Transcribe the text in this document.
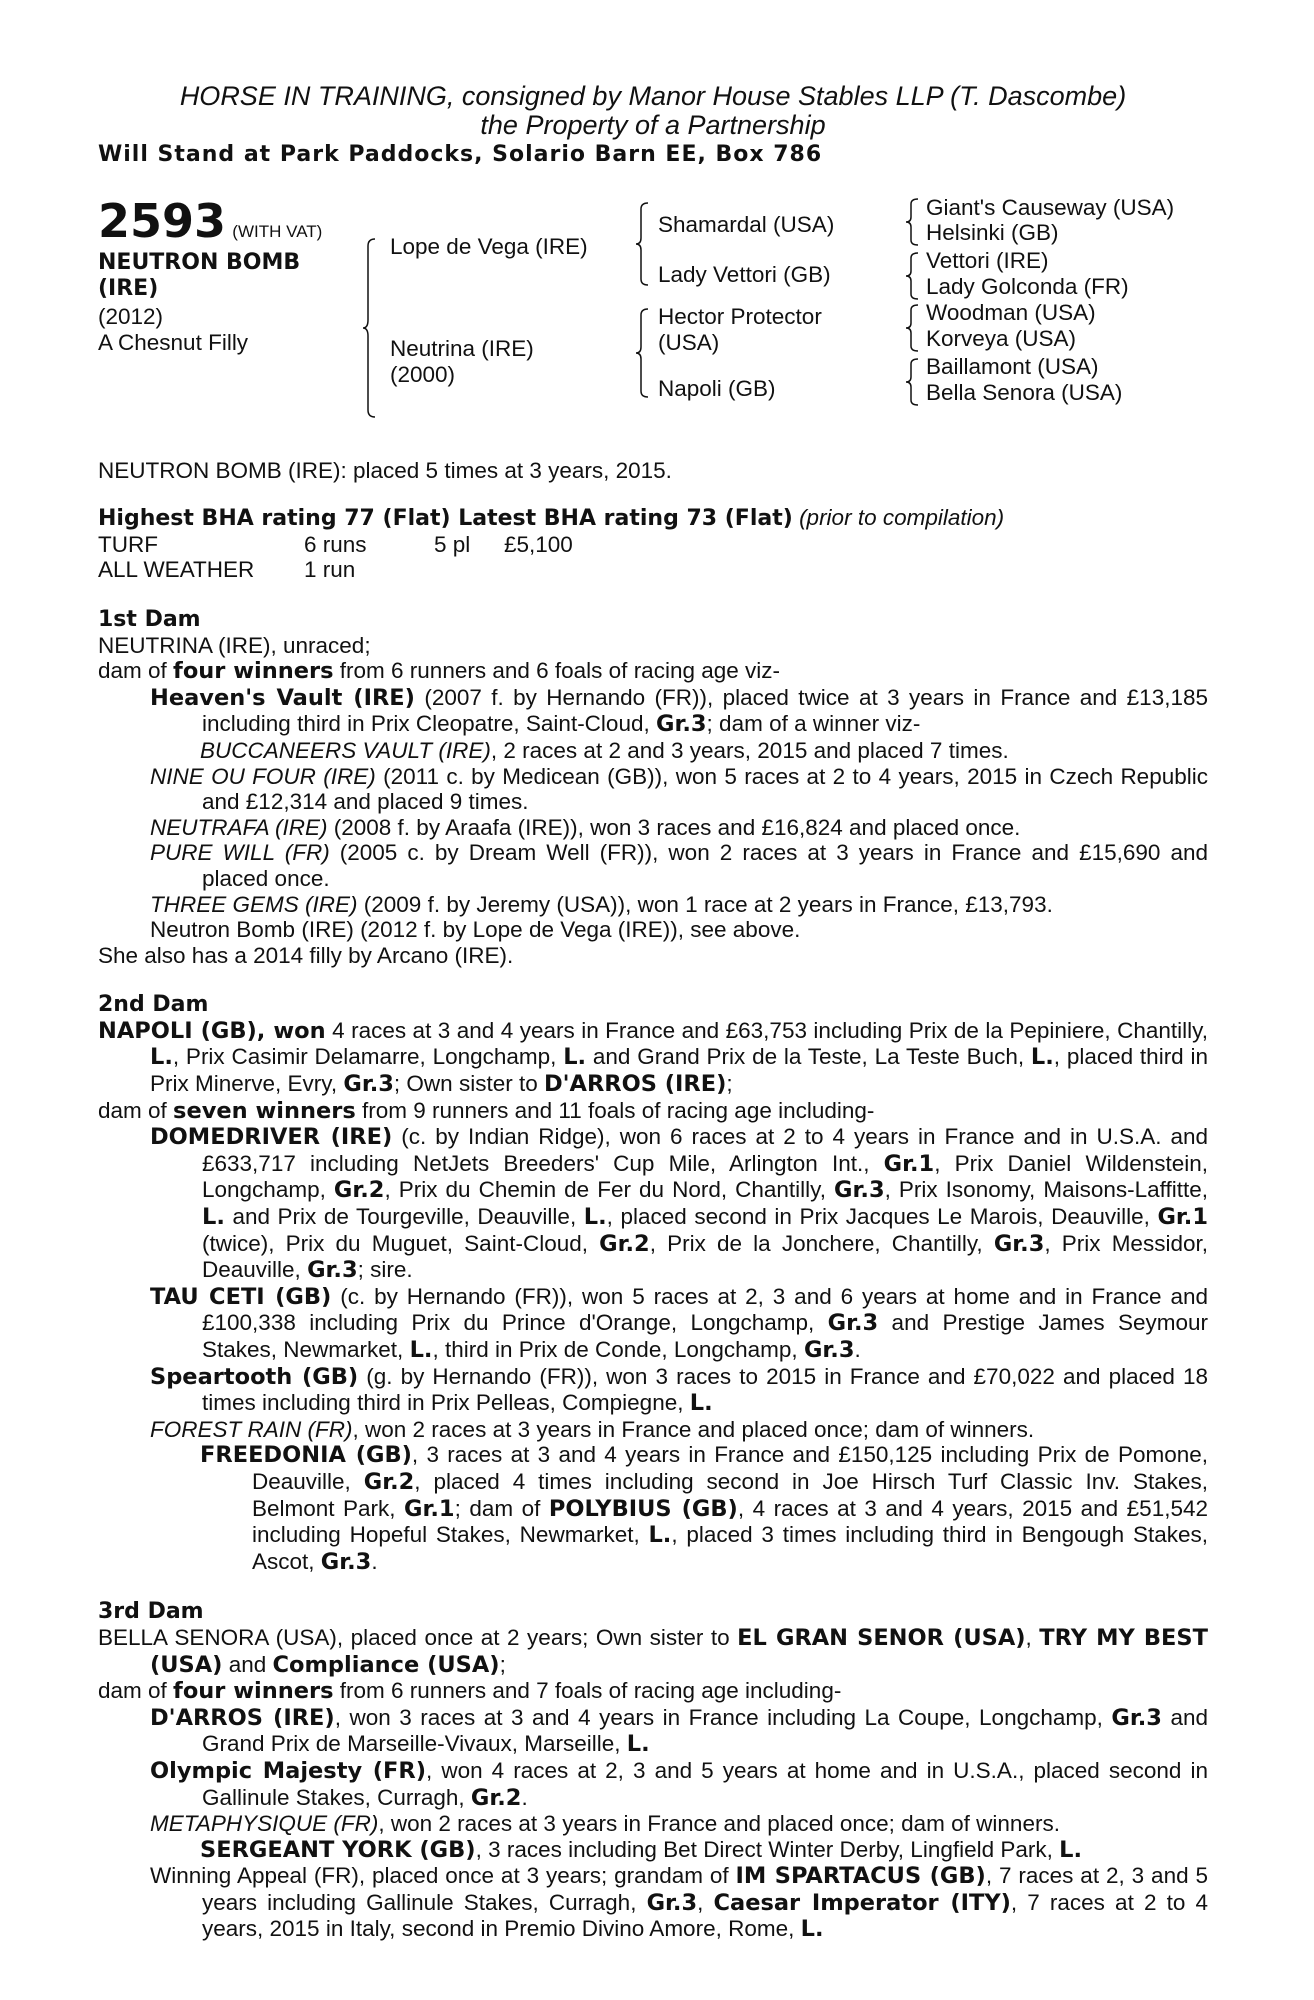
HORSE IN TRAINING, consigned by Manor House Stables LLP (T. Dascombe)
the Property of a Partnership
Will Stand at Park Paddocks, Solario Barn EE, Box 786
2593 (WITH VAT)
NEUTRON BOMB
(IRE)
(2012)
A Chesnut Filly
Lope de Vega (IRE)
Neutrina (IRE)
(2000)
Shamardal (USA)
Lady Vettori (GB)
Hector Protector
(USA)
Napoli (GB)
Giant's Causeway (USA)
Helsinki (GB)
Vettori (IRE)
Lady Golconda (FR)
Woodman (USA)
Korveya (USA)
Baillamont (USA)
Bella Senora (USA)
NEUTRON BOMB (IRE): placed 5 times at 3 years, 2015.
Highest BHA rating 77 (Flat) Latest BHA rating 73 (Flat) (prior to compilation)
TURF	6 runs	5 pl	£5,100
ALL WEATHER	1 run		
1st Dam
NEUTRINA (IRE), unraced;
dam of four winners from 6 runners and 6 foals of racing age viz-
Heaven's Vault (IRE) (2007 f. by Hernando (FR)), placed twice at 3 years in France and £13,185 including third in Prix Cleopatre, Saint-Cloud, Gr.3; dam of a winner viz-
BUCCANEERS VAULT (IRE), 2 races at 2 and 3 years, 2015 and placed 7 times.
NINE OU FOUR (IRE) (2011 c. by Medicean (GB)), won 5 races at 2 to 4 years, 2015 in Czech Republic and £12,314 and placed 9 times.
NEUTRAFA (IRE) (2008 f. by Araafa (IRE)), won 3 races and £16,824 and placed once.
PURE WILL (FR) (2005 c. by Dream Well (FR)), won 2 races at 3 years in France and £15,690 and placed once.
THREE GEMS (IRE) (2009 f. by Jeremy (USA)), won 1 race at 2 years in France, £13,793.
Neutron Bomb (IRE) (2012 f. by Lope de Vega (IRE)), see above.
She also has a 2014 filly by Arcano (IRE).
2nd Dam
NAPOLI (GB), won 4 races at 3 and 4 years in France and £63,753 including Prix de la Pepiniere, Chantilly, L., Prix Casimir Delamarre, Longchamp, L. and Grand Prix de la Teste, La Teste Buch, L., placed third in Prix Minerve, Evry, Gr.3; Own sister to D'ARROS (IRE);
dam of seven winners from 9 runners and 11 foals of racing age including-
DOMEDRIVER (IRE) (c. by Indian Ridge), won 6 races at 2 to 4 years in France and in U.S.A. and £633,717 including NetJets Breeders' Cup Mile, Arlington Int., Gr.1, Prix Daniel Wildenstein, Longchamp, Gr.2, Prix du Chemin de Fer du Nord, Chantilly, Gr.3, Prix Isonomy, Maisons-Laffitte, L. and Prix de Tourgeville, Deauville, L., placed second in Prix Jacques Le Marois, Deauville, Gr.1 (twice), Prix du Muguet, Saint-Cloud, Gr.2, Prix de la Jonchere, Chantilly, Gr.3, Prix Messidor, Deauville, Gr.3; sire.
TAU CETI (GB) (c. by Hernando (FR)), won 5 races at 2, 3 and 6 years at home and in France and £100,338 including Prix du Prince d'Orange, Longchamp, Gr.3 and Prestige James Seymour Stakes, Newmarket, L., third in Prix de Conde, Longchamp, Gr.3.
Speartooth (GB) (g. by Hernando (FR)), won 3 races to 2015 in France and £70,022 and placed 18 times including third in Prix Pelleas, Compiegne, L.
FOREST RAIN (FR), won 2 races at 3 years in France and placed once; dam of winners.
FREEDONIA (GB), 3 races at 3 and 4 years in France and £150,125 including Prix de Pomone, Deauville, Gr.2, placed 4 times including second in Joe Hirsch Turf Classic Inv. Stakes, Belmont Park, Gr.1; dam of POLYBIUS (GB), 4 races at 3 and 4 years, 2015 and £51,542 including Hopeful Stakes, Newmarket, L., placed 3 times including third in Bengough Stakes, Ascot, Gr.3.
3rd Dam
BELLA SENORA (USA), placed once at 2 years; Own sister to EL GRAN SENOR (USA), TRY MY BEST (USA) and Compliance (USA);
dam of four winners from 6 runners and 7 foals of racing age including-
D'ARROS (IRE), won 3 races at 3 and 4 years in France including La Coupe, Longchamp, Gr.3 and Grand Prix de Marseille-Vivaux, Marseille, L.
Olympic Majesty (FR), won 4 races at 2, 3 and 5 years at home and in U.S.A., placed second in Gallinule Stakes, Curragh, Gr.2.
METAPHYSIQUE (FR), won 2 races at 3 years in France and placed once; dam of winners.
SERGEANT YORK (GB), 3 races including Bet Direct Winter Derby, Lingfield Park, L.
Winning Appeal (FR), placed once at 3 years; grandam of IM SPARTACUS (GB), 7 races at 2, 3 and 5 years including Gallinule Stakes, Curragh, Gr.3, Caesar Imperator (ITY), 7 races at 2 to 4 years, 2015 in Italy, second in Premio Divino Amore, Rome, L.
